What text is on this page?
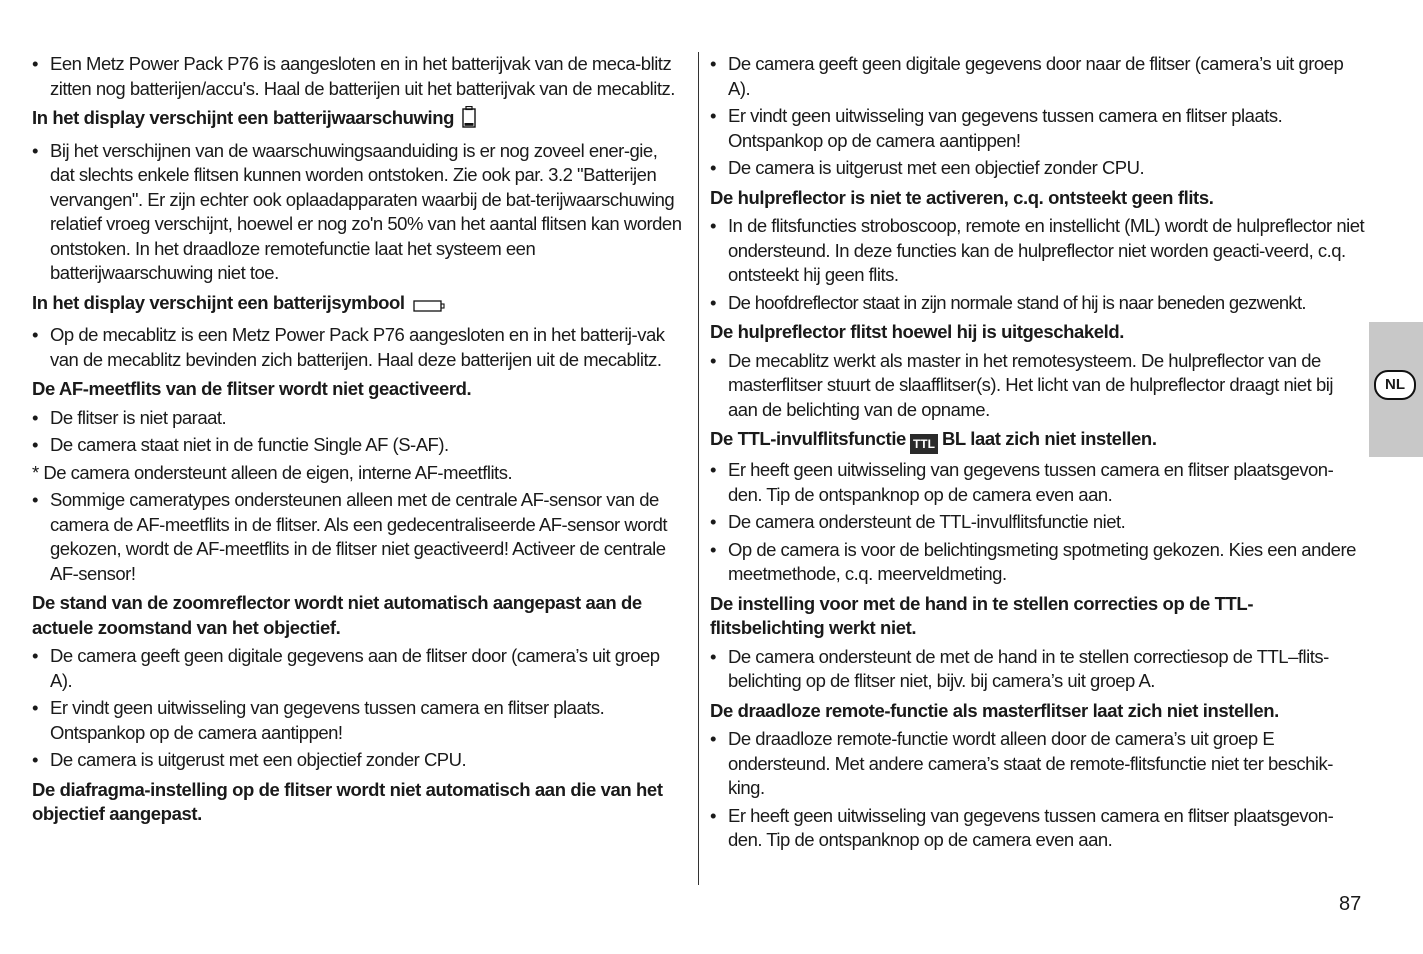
• Een Metz Power Pack P76 is aangesloten en in het batterijvak van de meca-blitz zitten nog batterijen/accu's. Haal de batterijen uit het batterijvak van de mecablitz.
In het display verschijnt een batterijwaarschuwing
• Bij het verschijnen van de waarschuwingsaanduiding is er nog zoveel ener-gie, dat slechts enkele flitsen kunnen worden ontstoken. Zie ook par. 3.2 "Batterijen vervangen". Er zijn echter ook oplaadapparaten waarbij de bat-terijwaarschuwing relatief vroeg verschijnt, hoewel er nog zo'n 50% van het aantal flitsen kan worden ontstoken. In het draadloze remotefunctie laat het systeem een batterijwaarschuwing niet toe.
In het display verschijnt een batterijsymbool
• Op de mecablitz is een Metz Power Pack P76 aangesloten en in het batterij-vak van de mecablitz bevinden zich batterijen. Haal deze batterijen uit de mecablitz.
De AF-meetflits van de flitser wordt niet geactiveerd.
• De flitser is niet paraat.
• De camera staat niet in de functie Single AF (S-AF).
* De camera ondersteunt alleen de eigen, interne AF-meetflits.
• Sommige cameratypes ondersteunen alleen met de centrale AF-sensor van de camera de AF-meetflits in de flitser. Als een gedecentraliseerde AF-sensor wordt gekozen, wordt de AF-meetflits in de flitser niet geactiveerd! Activeer de centrale AF-sensor!
De stand van de zoomreflector wordt niet automatisch aangepast aan de actuele zoomstand van het objectief.
• De camera geeft geen digitale gegevens aan de flitser door (camera’s uit groep A).
• Er vindt geen uitwisseling van gegevens tussen camera en flitser plaats. Ontspankop op de camera aantippen!
• De camera is uitgerust met een objectief zonder CPU.
De diafragma-instelling op de flitser wordt niet automatisch aan die van het objectief aangepast.
• De camera geeft geen digitale gegevens door naar de flitser (camera’s uit groep A).
• Er vindt geen uitwisseling van gegevens tussen camera en flitser plaats. Ontspankop op de camera aantippen!
• De camera is uitgerust met een objectief zonder CPU.
De hulpreflector is niet te activeren, c.q. ontsteekt geen flits.
• In de flitsfuncties stroboscoop, remote en instellicht (ML) wordt de hulpreflector niet ondersteund. In deze functies kan de hulpreflector niet worden geacti-veerd, c.q. ontsteekt hij geen flits.
• De hoofdreflector staat in zijn normale stand of hij is naar beneden gezwenkt.
De hulpreflector flitst hoewel hij is uitgeschakeld.
• De mecablitz werkt als master in het remotesysteem. De hulpreflector van de masterflitser stuurt de slaafflitser(s). Het licht van de hulpreflector draagt niet bij aan de belichting van de opname.
De TTL-invulflitsfunctie TTL BL laat zich niet instellen.
• Er heeft geen uitwisseling van gegevens tussen camera en flitser plaatsgevon-den. Tip de ontspanknop op de camera even aan.
• De camera ondersteunt de TTL-invulflitsfunctie niet.
• Op de camera is voor de belichtingsmeting spotmeting gekozen. Kies een andere meetmethode, c.q. meerveldmeting.
De instelling voor met de hand in te stellen correcties op de TTL-flitsbelichting werkt niet.
• De camera ondersteunt de met de hand in te stellen correctiesop de TTL–flits-belichting op de flitser niet, bijv. bij camera’s uit groep A.
De draadloze remote-functie als masterflitser laat zich niet instellen.
• De draadloze remote-functie wordt alleen door de camera’s uit groep E ondersteund. Met andere camera’s staat de remote-flitsfunctie niet ter beschik-king.
• Er heeft geen uitwisseling van gegevens tussen camera en flitser plaatsgevon-den. Tip de ontspanknop op de camera even aan.
NL
87
